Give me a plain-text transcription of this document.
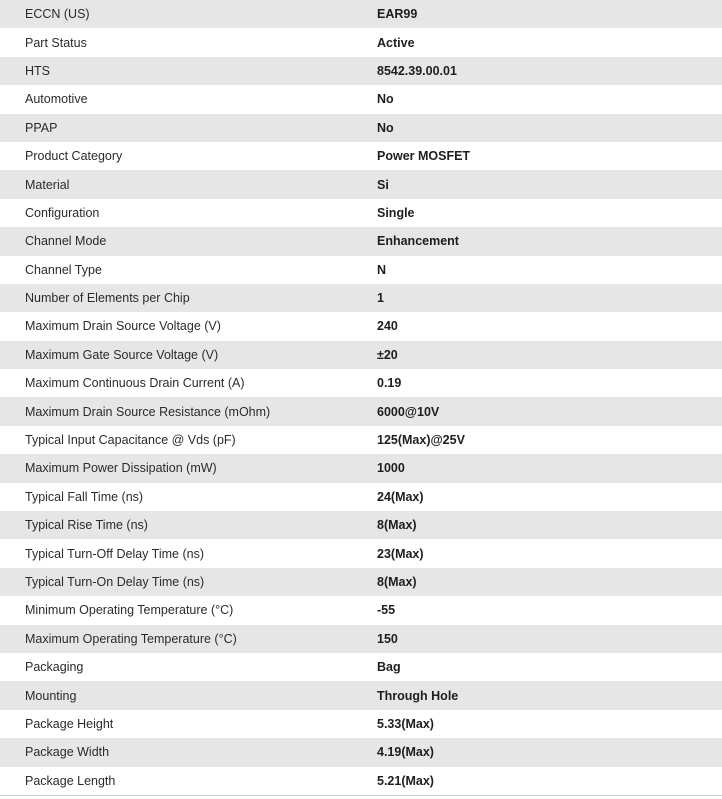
ECCN (US)	EAR99
Part Status	Active
HTS	8542.39.00.01
Automotive	No
PPAP	No
Product Category	Power MOSFET
Material	Si
Configuration	Single
Channel Mode	Enhancement
Channel Type	N
Number of Elements per Chip	1
Maximum Drain Source Voltage (V)	240
Maximum Gate Source Voltage (V)	±20
Maximum Continuous Drain Current (A)	0.19
Maximum Drain Source Resistance (mOhm)	6000@10V
Typical Input Capacitance @ Vds (pF)	125(Max)@25V
Maximum Power Dissipation (mW)	1000
Typical Fall Time (ns)	24(Max)
Typical Rise Time (ns)	8(Max)
Typical Turn-Off Delay Time (ns)	23(Max)
Typical Turn-On Delay Time (ns)	8(Max)
Minimum Operating Temperature (°C)	-55
Maximum Operating Temperature (°C)	150
Packaging	Bag
Mounting	Through Hole
Package Height	5.33(Max)
Package Width	4.19(Max)
Package Length	5.21(Max)
